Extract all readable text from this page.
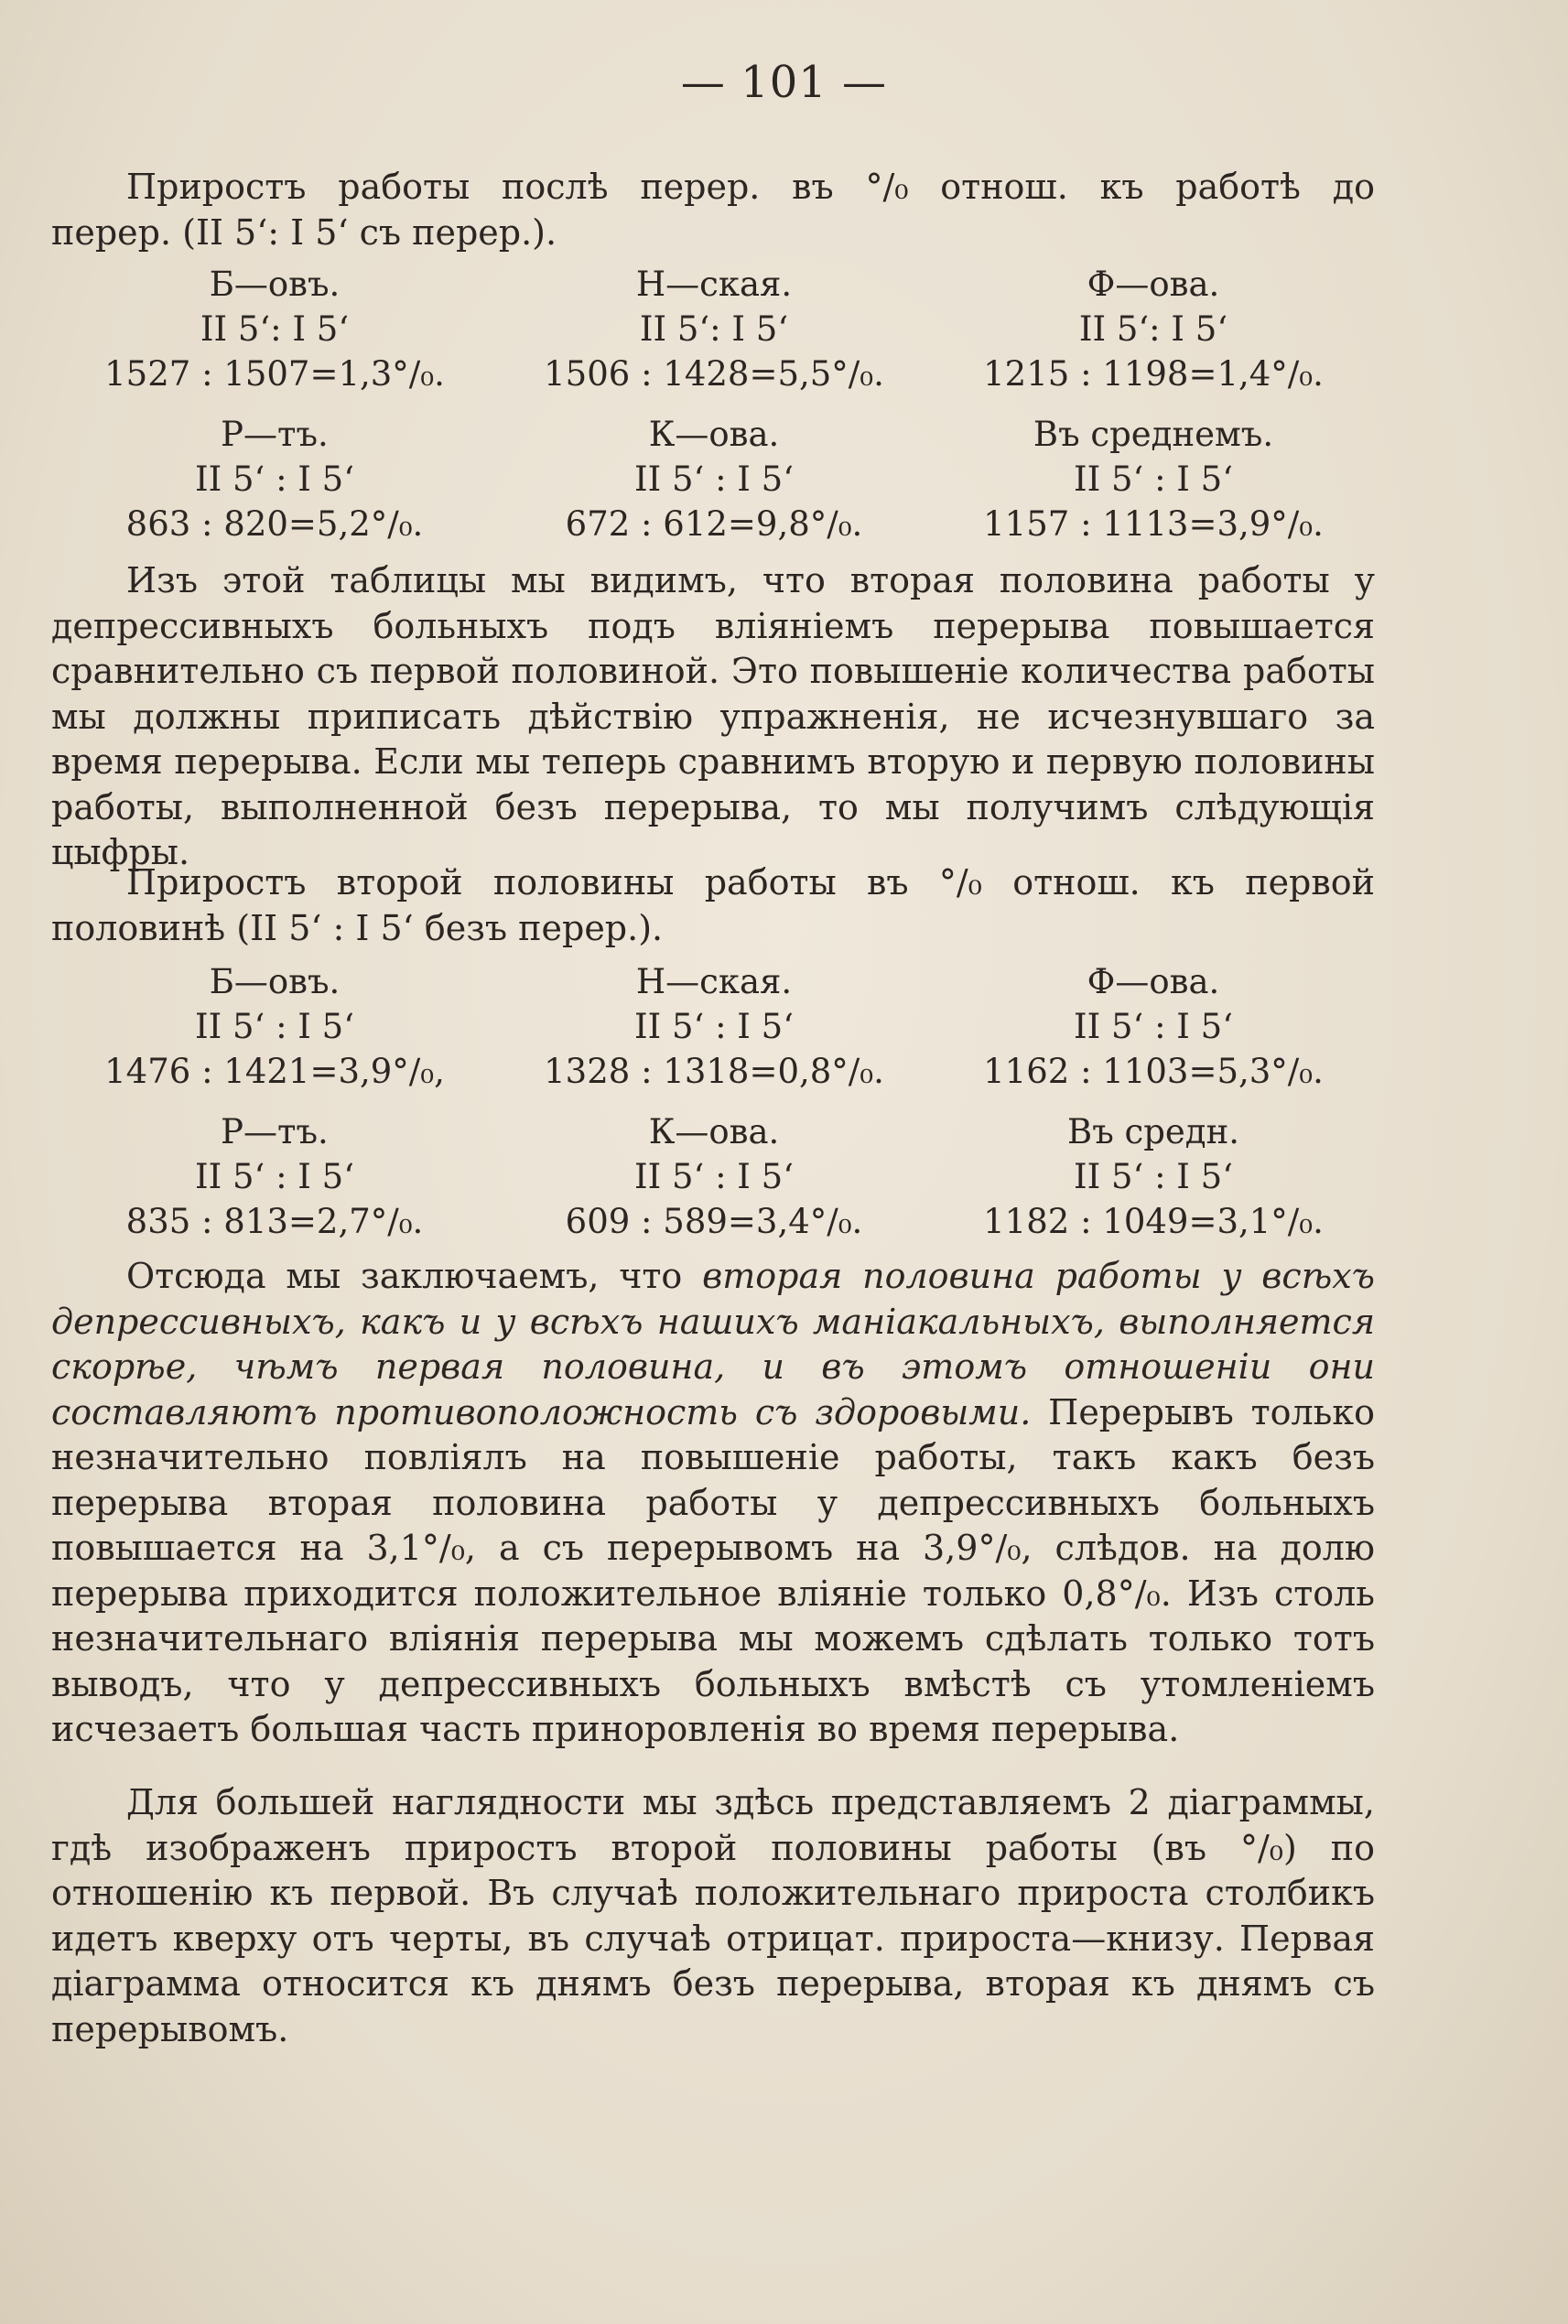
— 101 —
Приростъ работы послѣ перер. въ °/₀ отнош. къ работѣ до
перер. (II 5‘: I 5‘ съ перер.).
Б—овъ.
II 5‘: I 5‘
1527 : 1507=1,3°/₀.
Н—ская.
II 5‘: I 5‘
1506 : 1428=5,5°/₀.
Ф—ова.
II 5‘: I 5‘
1215 : 1198=1,4°/₀.
Р—тъ.
II 5‘ : I 5‘
863 : 820=5,2°/₀.
К—ова.
II 5‘ : I 5‘
672 : 612=9,8°/₀.
Въ среднемъ.
II 5‘ : I 5‘
1157 : 1113=3,9°/₀.

Изъ этой таблицы мы видимъ, что вторая половина работы у депрессивныхъ больныхъ подъ вліяніемъ перерыва повышается сравнительно съ первой половиной. Это повышеніе количества работы мы должны приписать дѣйствію упражненія, не исчезнувшаго за время перерыва. Если мы теперь сравнимъ вторую и первую половины работы, выполненной безъ перерыва, то мы получимъ слѣдующія цыфры.

Приростъ второй половины работы въ °/₀ отнош. къ первой половинѣ (II 5‘ : I 5‘ безъ перер.).

Б—овъ.
II 5‘ : I 5‘
1476 : 1421=3,9°/₀,
Н—ская.
II 5‘ : I 5‘
1328 : 1318=0,8°/₀.
Ф—ова.
II 5‘ : I 5‘
1162 : 1103=5,3°/₀.
Р—тъ.
II 5‘ : I 5‘
835 : 813=2,7°/₀.
К—ова.
II 5‘ : I 5‘
609 : 589=3,4°/₀.
Въ средн.
II 5‘ : I 5‘
1182 : 1049=3,1°/₀.

Отсюда мы заключаемъ, что вторая половина работы у всѣхъ депрессивныхъ, какъ и у всѣхъ нашихъ маніакальныхъ, выполняется скорѣе, чѣмъ первая половина, и въ этомъ отношеніи они составляютъ противоположность съ здоровыми. Перерывъ только незначительно повліялъ на повышеніе работы, такъ какъ безъ перерыва вторая половина работы у депрессивныхъ больныхъ повышается на 3,1°/₀, а съ перерывомъ на 3,9°/₀, слѣдов. на долю перерыва приходится положительное вліяніе только 0,8°/₀. Изъ столь незначительнаго вліянія перерыва мы можемъ сдѣлать только тотъ выводъ, что у депрессивныхъ больныхъ вмѣстѣ съ утомленіемъ исчезаетъ большая часть приноровленія во время перерыва.

Для большей наглядности мы здѣсь представляемъ 2 діаграммы, гдѣ изображенъ приростъ второй половины работы (въ °/₀) по отношенію къ первой. Въ случаѣ положительнаго прироста столбикъ идетъ кверху отъ черты, въ случаѣ отрицат. прироста—книзу. Первая діаграмма относится къ днямъ безъ перерыва, вторая къ днямъ съ перерывомъ.
